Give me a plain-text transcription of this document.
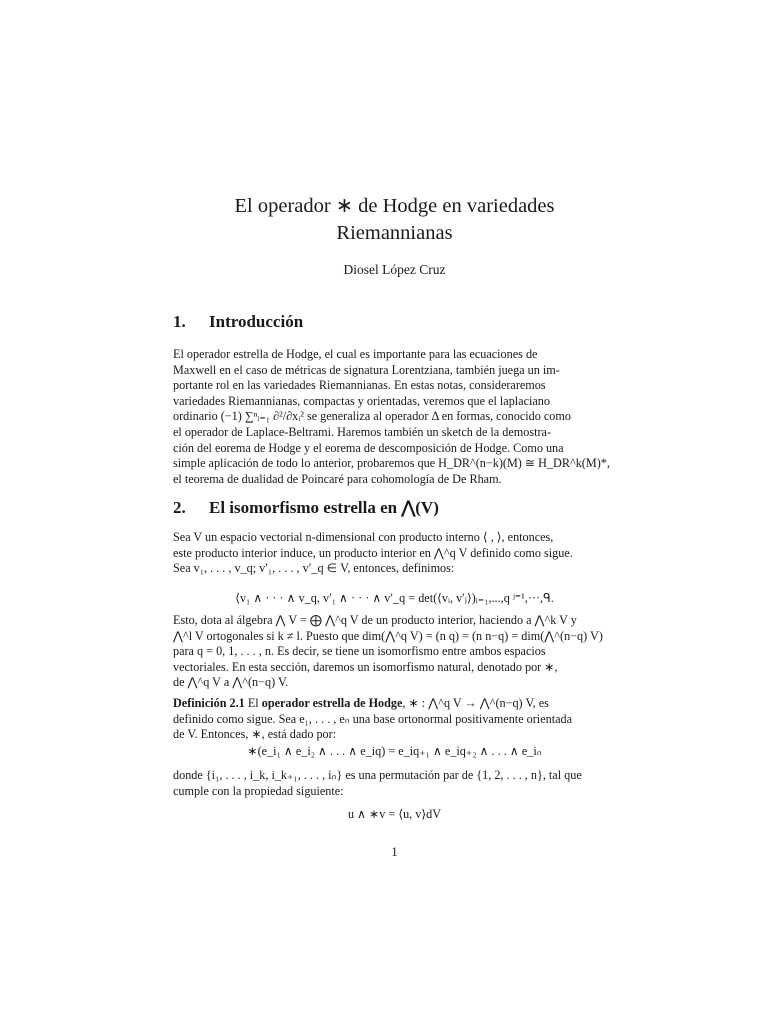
El operador ∗ de Hodge en variedades
Riemannianas
Diosel López Cruz
1. Introducción
El operador estrella de Hodge, el cual es importante para las ecuaciones de
Maxwell en el caso de métricas de signatura Lorentziana, también juega un im-
portante rol en las variedades Riemannianas. En estas notas, consideraremos
variedades Riemannianas, compactas y orientadas, veremos que el laplaciano
ordinario (−1) ∑ⁿᵢ₌₁ ∂²/∂xᵢ² se generaliza al operador Δ en formas, conocido como
el operador de Laplace-Beltrami. Haremos también un sketch de la demostra-
ción del eorema de Hodge y el eorema de descomposición de Hodge. Como una
simple aplicación de todo lo anterior, probaremos que H_DR^(n−k)(M) ≅ H_DR^k(M)*,
el teorema de dualidad de Poincaré para cohomología de De Rham.
2. El isomorfismo estrella en ⋀(V)
Sea V un espacio vectorial n-dimensional con producto interno ⟨ , ⟩, entonces,
este producto interior induce, un producto interior en ⋀^q V definido como sigue.
Sea v₁, . . . , v_q; v′₁, . . . , v′_q ∈ V, entonces, definimos:
⟨v₁ ∧ · · · ∧ v_q, v′₁ ∧ · · · ∧ v′_q = det(⟨vᵢ, v′ⱼ⟩)ᵢ₌₁,...,q ʲ⁼¹,···,ᑫ.
Esto, dota al álgebra ⋀ V = ⨁ ⋀^q V de un producto interior, haciendo a ⋀^k V y
⋀^l V ortogonales si k ≠ l. Puesto que dim(⋀^q V) = (n q) = (n n−q) = dim(⋀^(n−q) V)
para q = 0, 1, . . . , n. Es decir, se tiene un isomorfismo entre ambos espacios
vectoriales. En esta sección, daremos un isomorfismo natural, denotado por ∗,
de ⋀^q V a ⋀^(n−q) V.
Definición 2.1 El operador estrella de Hodge, ∗ : ⋀^q V → ⋀^(n−q) V, es
definido como sigue. Sea e₁, . . . , eₙ una base ortonormal positivamente orientada
de V. Entonces, ∗, está dado por:
∗(e_i₁ ∧ e_i₂ ∧ . . . ∧ e_iq) = e_iq₊₁ ∧ e_iq₊₂ ∧ . . . ∧ e_iₙ
donde {i₁, . . . , i_k, i_k₊₁, . . . , iₙ} es una permutación par de {1, 2, . . . , n}, tal que
cumple con la propiedad siguiente:
u ∧ ∗v = ⟨u, v⟩dV
1
